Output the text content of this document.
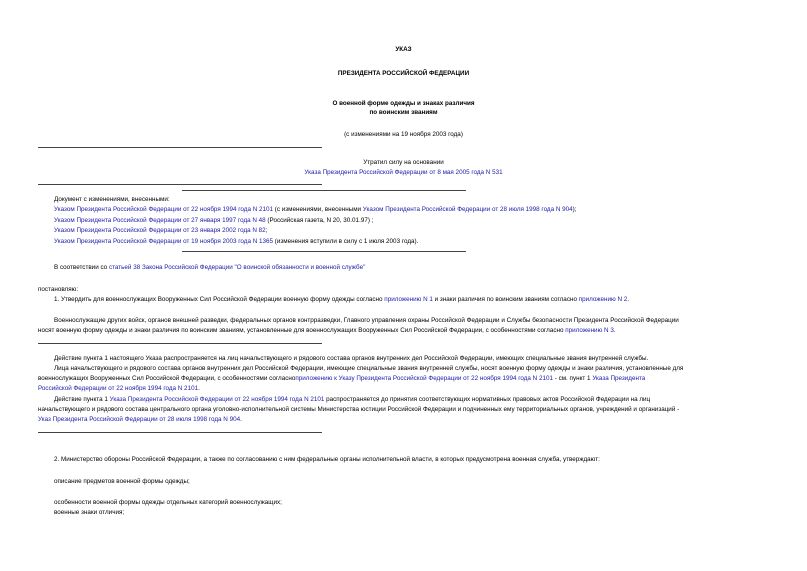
УКАЗ
ПРЕЗИДЕНТА РОССИЙСКОЙ ФЕДЕРАЦИИ
О военной форме одежды и знаках различия
по воинским званиям
(с изменениями на 19 ноября 2003 года)
Утратил силу на основании
Указа Президента Российской Федерации от 8 мая 2005 года N 531
Документ с изменениями, внесенными:
Указом Президента Российской Федерации от 22 ноября 1994 года N 2101 (с изменениями, внесенными Указом Президента Российской Федерации от 28 июля 1998 года N 904);
Указом Президента Российской Федерации от 27 января 1997 года N 48 (Российская газета, N 20, 30.01.97) ;
Указом Президента Российской Федерации от 23 января 2002 года N 82;
Указом Президента Российской Федерации от 19 ноября 2003 года N 1365 (изменения вступили в силу с 1 июля 2003 года).
В соответствии со статьей 38 Закона Российской Федерации "О воинской обязанности и военной службе"
постановляю:
1. Утвердить для военнослужащих Вооруженных Сил Российской Федерации военную форму одежды согласно приложению N 1 и знаки различия по воинским званиям согласно приложению N 2.
Военнослужащие других войск, органов внешней разведки, федеральных органов контрразведки, Главного управления охраны Российской Федерации и Службы безопасности Президента Российской Федерации
носят военную форму одежды и знаки различия по воинским званиям, установленные для военнослужащих Вооруженных Сил Российской Федерации, с особенностями согласно приложению N 3.
Действие пункта 1 настоящего Указа распространяется на лиц начальствующего и рядового состава органов внутренних дел Российской Федерации, имеющих специальные звания внутренней службы.
Лица начальствующего и рядового состава органов внутренних дел Российской Федерации, имеющие специальные звания внутренней службы, носят военную форму одежды и знаки различия, установленные для
военнослужащих Вооруженных Сил Российской Федерации, с особенностями согласноприложению к Указу Президента Российской Федерации от 22 ноября 1994 года N 2101 - см. пункт 1 Указа Президента
Российской Федерации от 22 ноября 1994 года N 2101.
Действие пункта 1 Указа Президента Российской Федерации от 22 ноября 1994 года N 2101 распространяется до принятия соответствующих нормативных правовых актов Российской Федерации на лиц
начальствующего и рядового состава центрального органа уголовно-исполнительной системы Министерства юстиции Российской Федерации и подчиненных ему территориальных органов, учреждений и организаций -
Указ Президента Российской Федерации от 28 июля 1998 года N 904.
2. Министерство обороны Российской Федерации, а также по согласованию с ним федеральные органы исполнительной власти, в которых предусмотрена военная служба, утверждают:
описание предметов военной формы одежды;
особенности военной формы одежды отдельных категорий военнослужащих;
военные знаки отличия;
